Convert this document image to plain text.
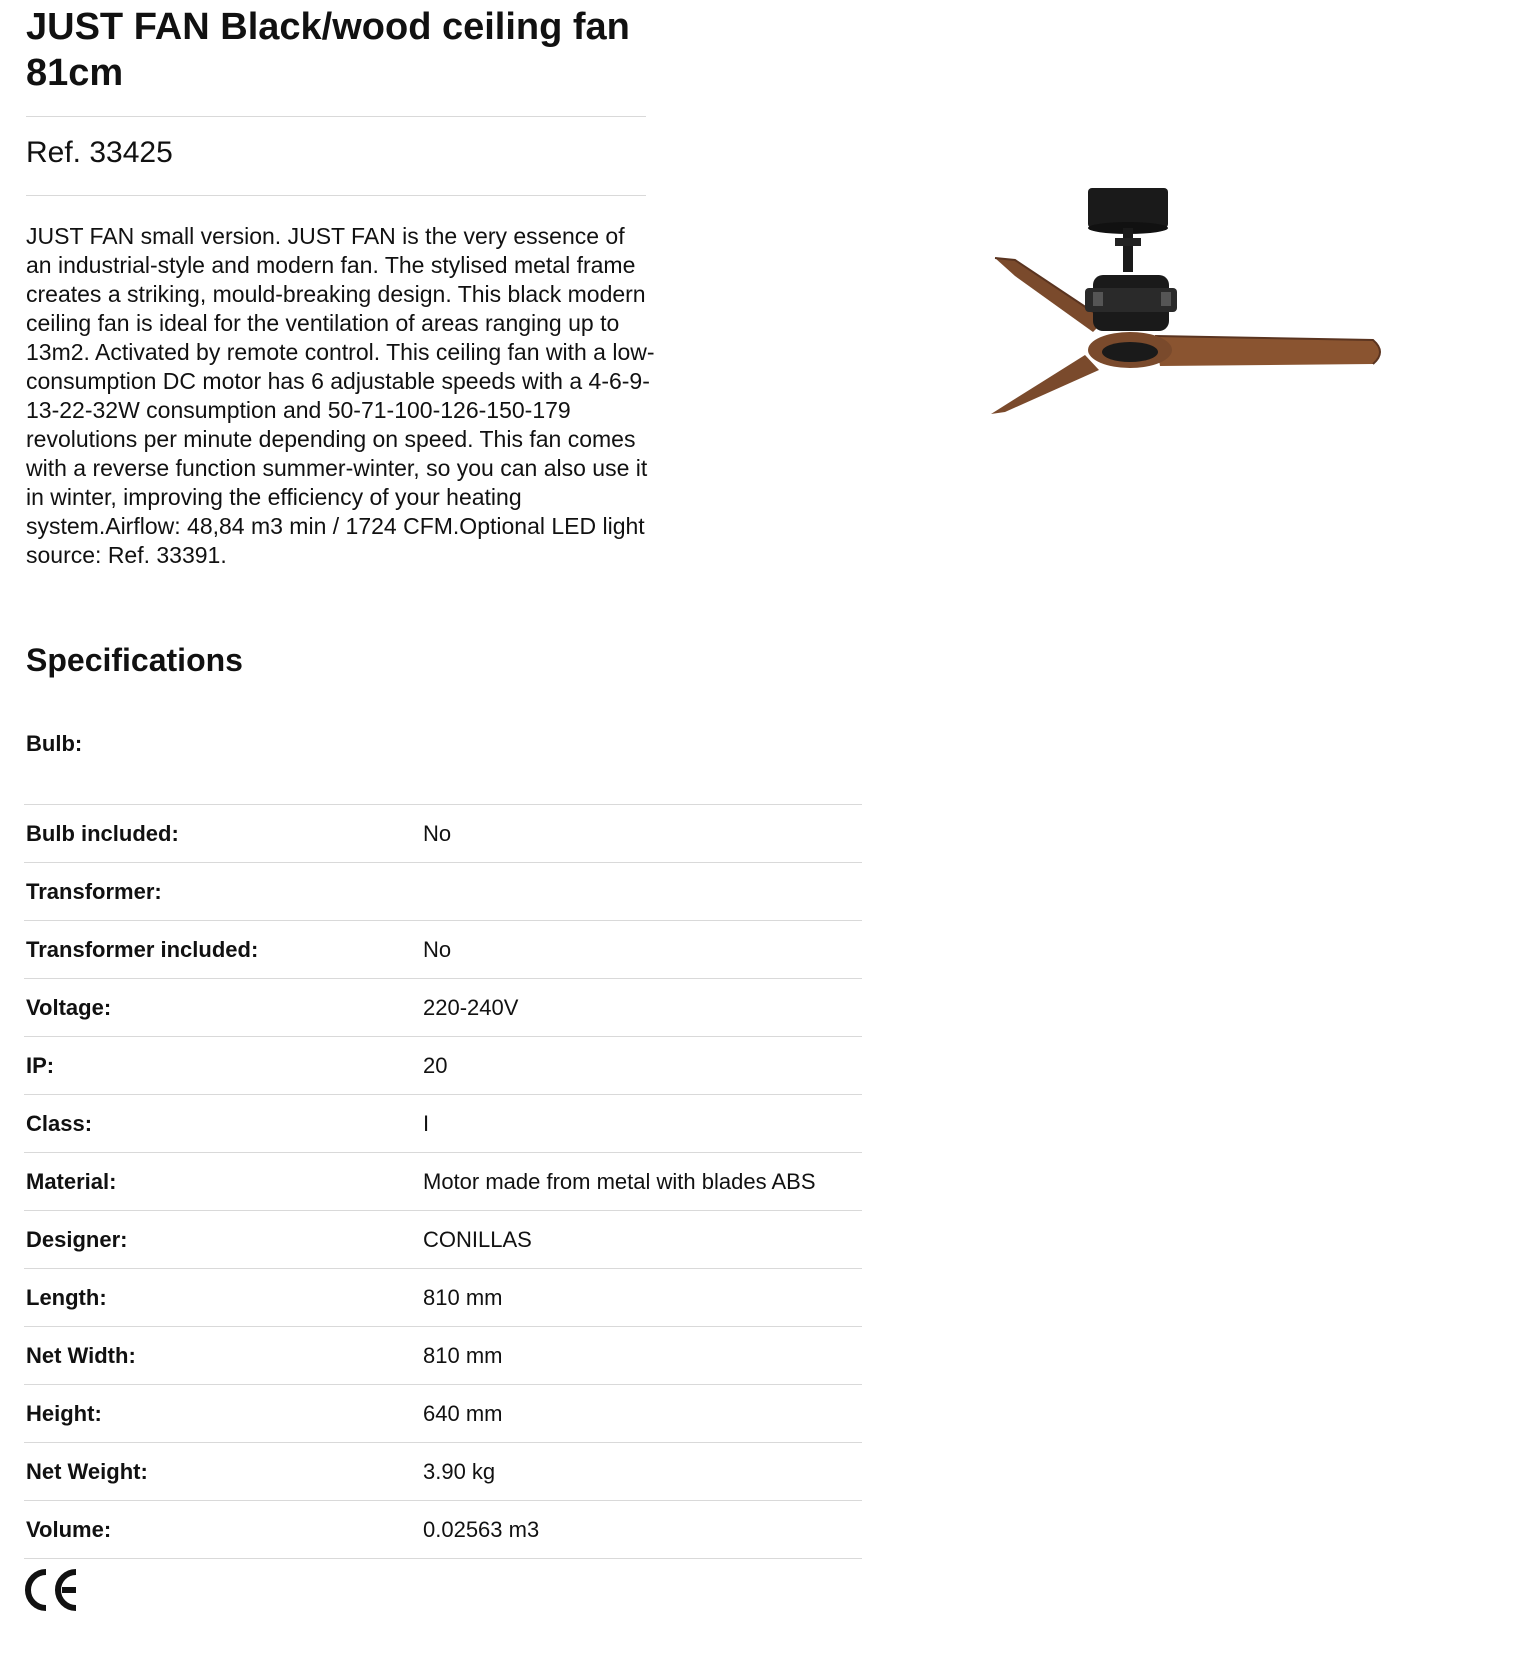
JUST FAN Black/wood ceiling fan 81cm
Ref. 33425

JUST FAN small version. JUST FAN is the very essence of an industrial-style and modern fan. The stylised metal frame creates a striking, mould-breaking design. This black modern ceiling fan is ideal for the ventilation of areas ranging up to 13m2. Activated by remote control. This ceiling fan with a low-consumption DC motor has 6 adjustable speeds with a 4-6-9-13-22-32W consumption and 50-71-100-126-150-179 revolutions per minute depending on speed. This fan comes with a reverse function summer-winter, so you can also use it in winter, improving the efficiency of your heating system.Airflow: 48,84 m3 min / 1724 CFM.Optional LED light source: Ref. 33391.

Specifications
Bulb:
Bulb included:	No
Transformer:
Transformer included:	No
Voltage:	220-240V
IP:	20
Class:	I
Material:	Motor made from metal with blades ABS
Designer:	CONILLAS
Length:	810 mm
Net Width:	810 mm
Height:	640 mm
Net Weight:	3.90 kg
Volume:	0.02563 m3
